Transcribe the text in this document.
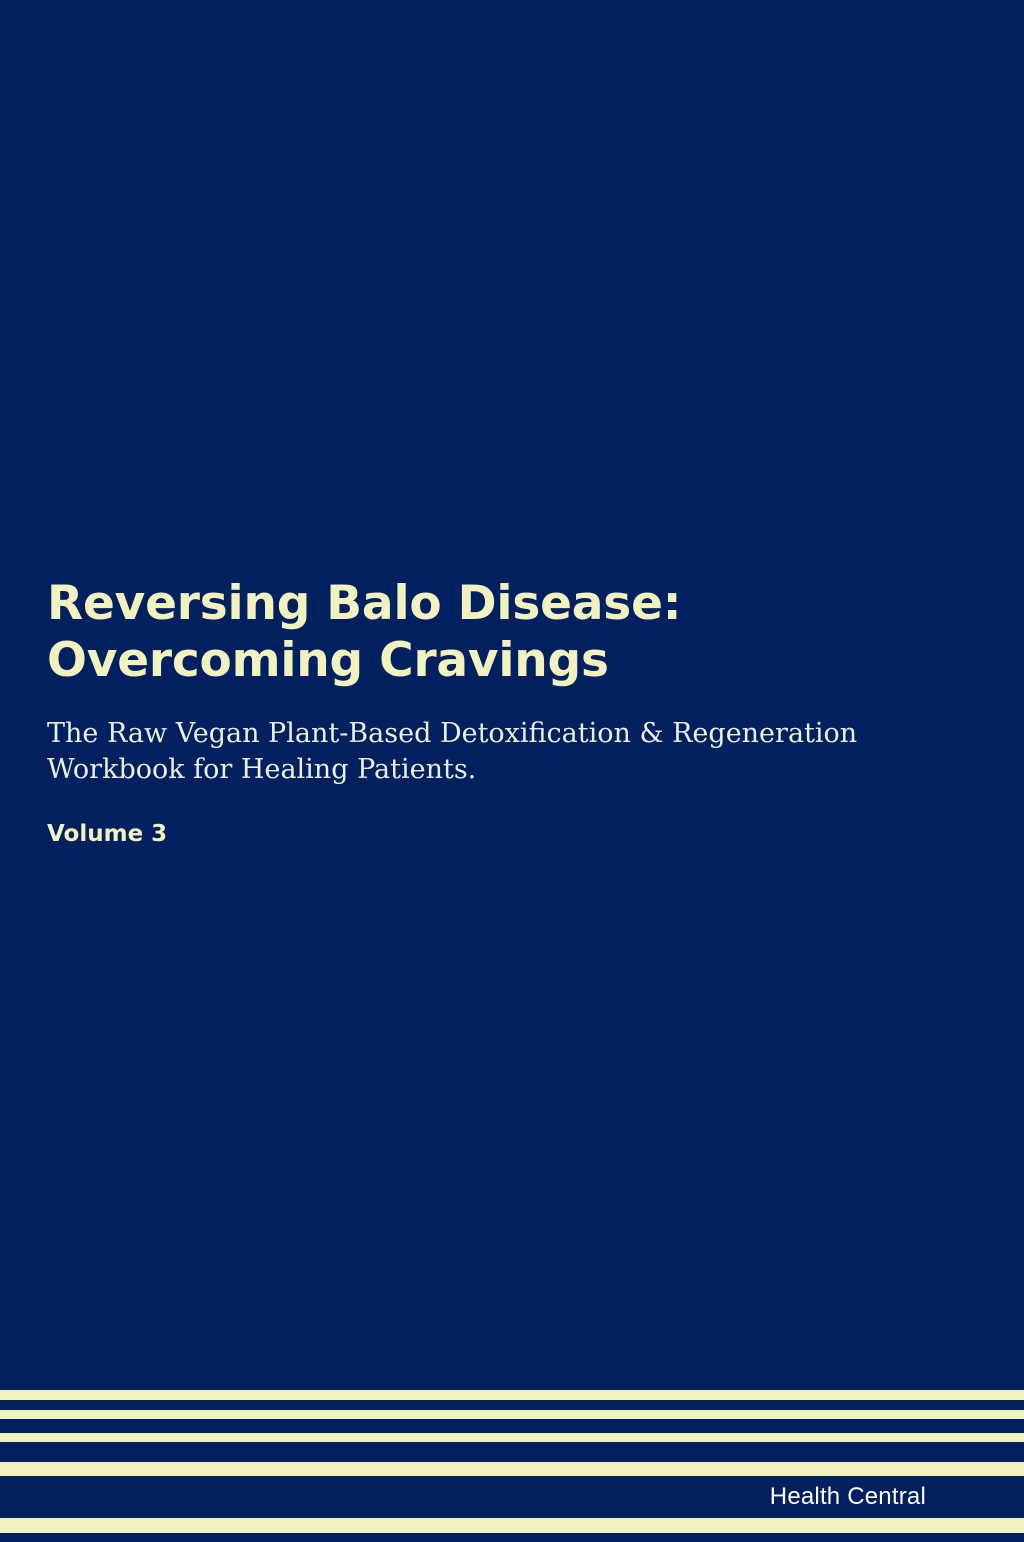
Reversing Balo Disease: Overcoming Cravings

The Raw Vegan Plant-Based Detoxification & Regeneration Workbook for Healing Patients.

Volume 3

Health Central
